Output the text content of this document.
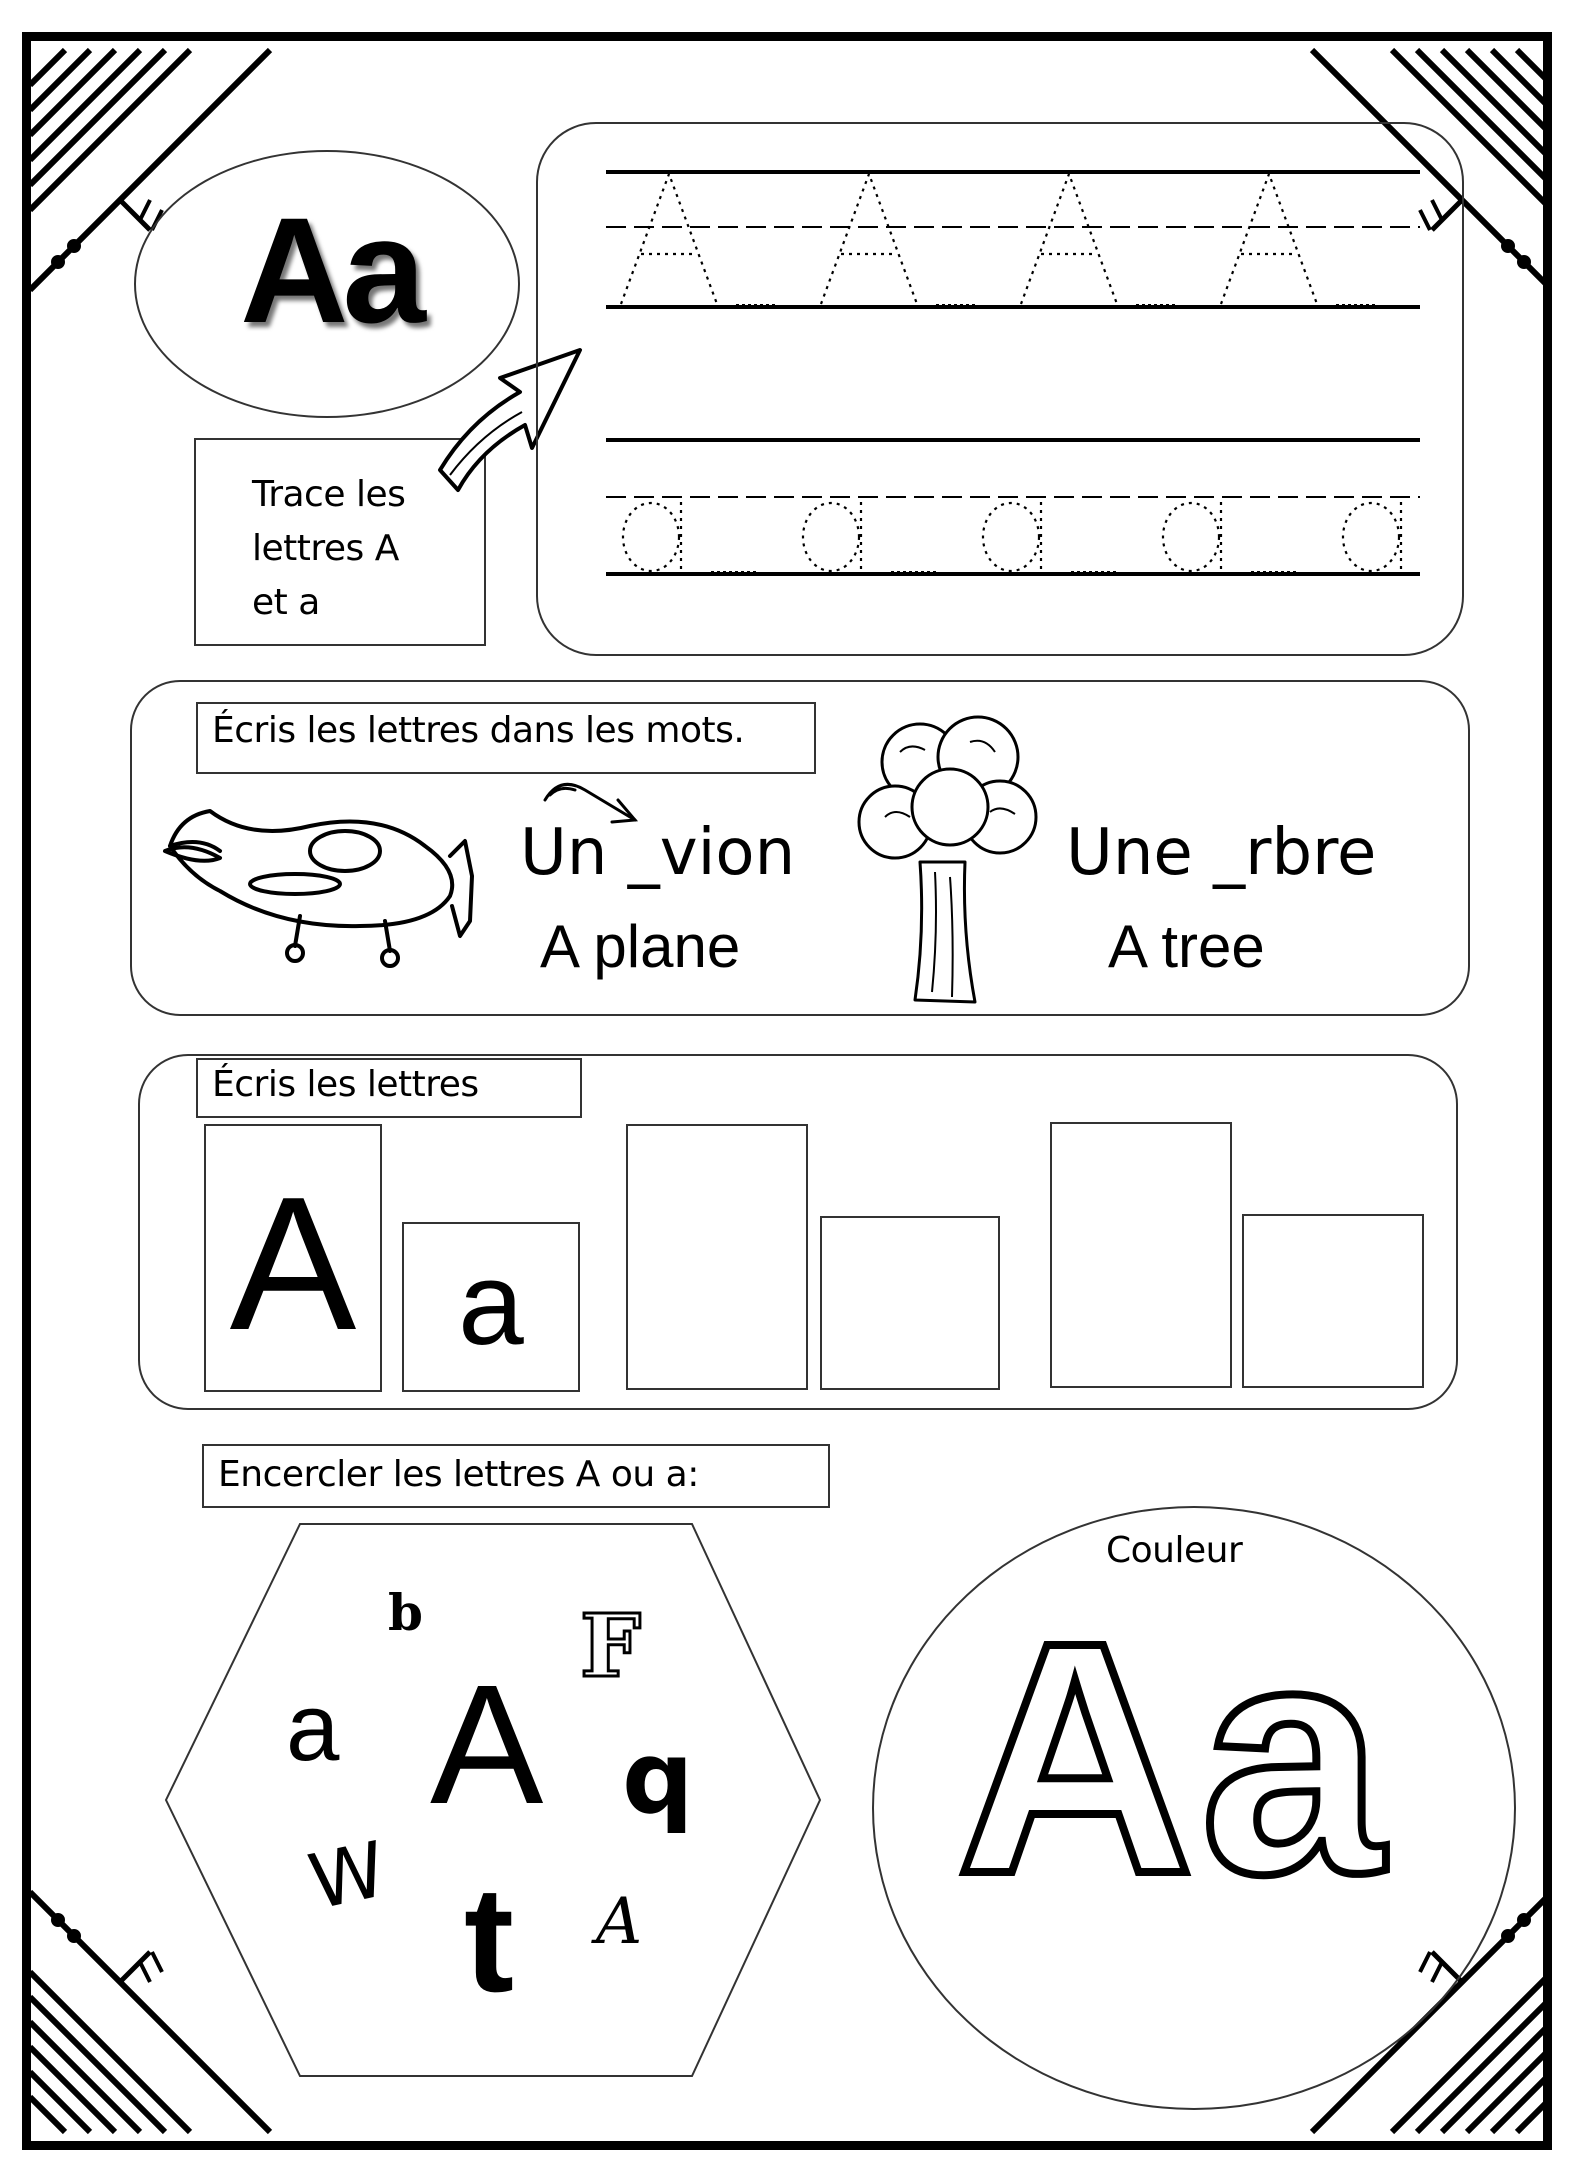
Aa
Trace les
lettres A
et a
Écris les lettres dans les mots.
Un _vion
A plane
Une _rbre
A tree
Écris les lettres
A a
Encercler les lettres A ou a:
b F
a A q
W t A
Couleur
Aa
